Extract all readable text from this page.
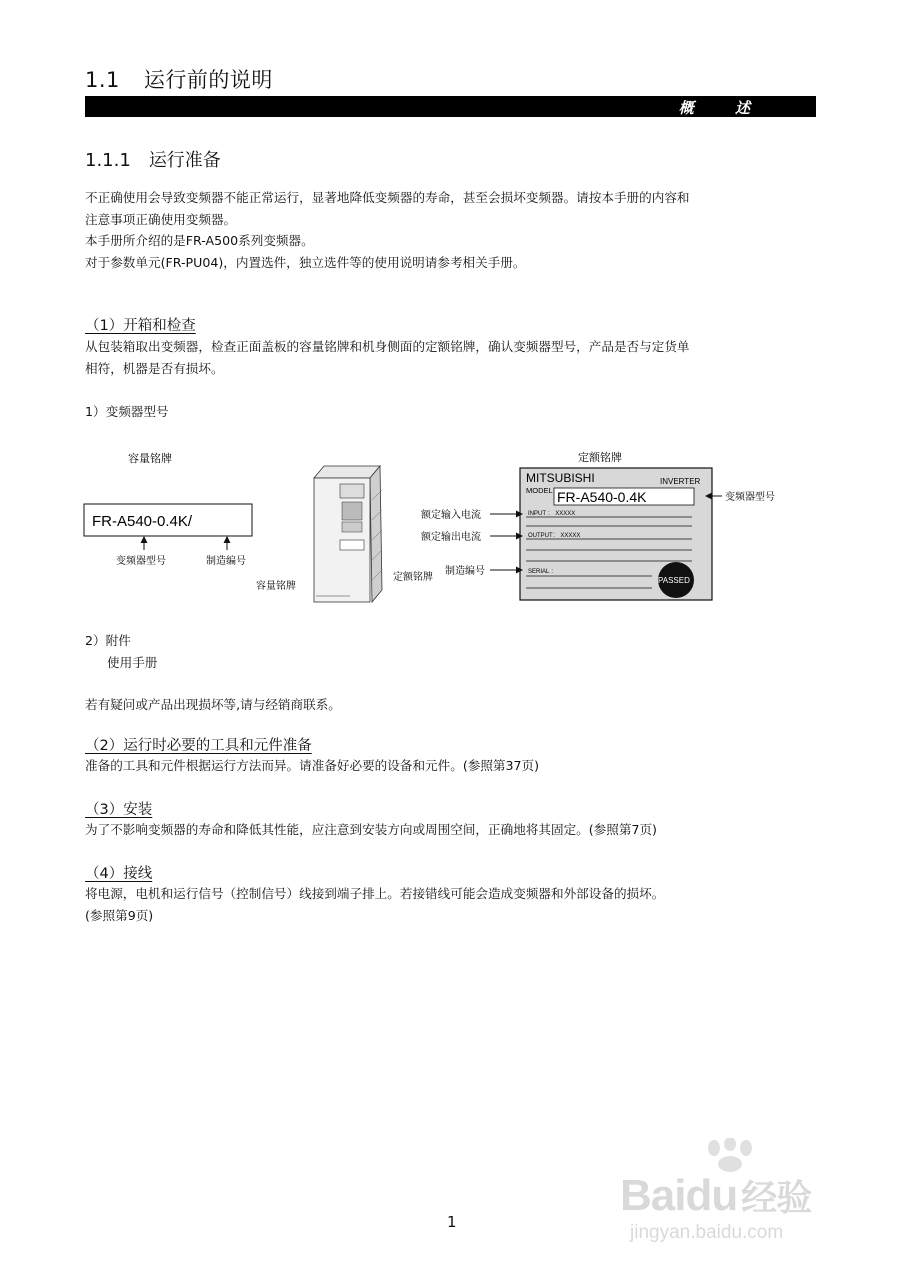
1.1 运行前的说明
概 述
1.1.1 运行准备
不正确使用会导致变频器不能正常运行，显著地降低变频器的寿命，甚至会损坏变频器。请按本手册的内容和
注意事项正确使用变频器。
本手册所介绍的是FR-A500系列变频器。
对于参数单元(FR-PU04)，内置选件，独立选件等的使用说明请参考相关手册。
（1）开箱和检查
从包装箱取出变频器，检查正面盖板的容量铭牌和机身侧面的定额铭牌，确认变频器型号，产品是否与定货单
相符，机器是否有损坏。
1）变频器型号
容量铭牌
FR-A540-0.4K/
变频器型号	制造编号
容量铭牌
定额铭牌
定额铭牌
MITSUBISHI	INVERTER
MODEL FR-A540-0.4K
INPUT ： XXXXX
OUTPUT： XXXXX
SERIAL ：
PASSED
额定输入电流
额定输出电流
制造编号
变频器型号
2）附件
使用手册
若有疑问或产品出现损坏等,请与经销商联系。
（2）运行时必要的工具和元件准备
准备的工具和元件根据运行方法而异。请准备好必要的设备和元件。(参照第37页)
（3）安装
为了不影响变频器的寿命和降低其性能，应注意到安装方向或周围空间，正确地将其固定。(参照第7页)
（4）接线
将电源，电机和运行信号（控制信号）线接到端子排上。若接错线可能会造成变频器和外部设备的损坏。
(参照第9页)
1
Baidu 经验
jingyan.baidu.com
